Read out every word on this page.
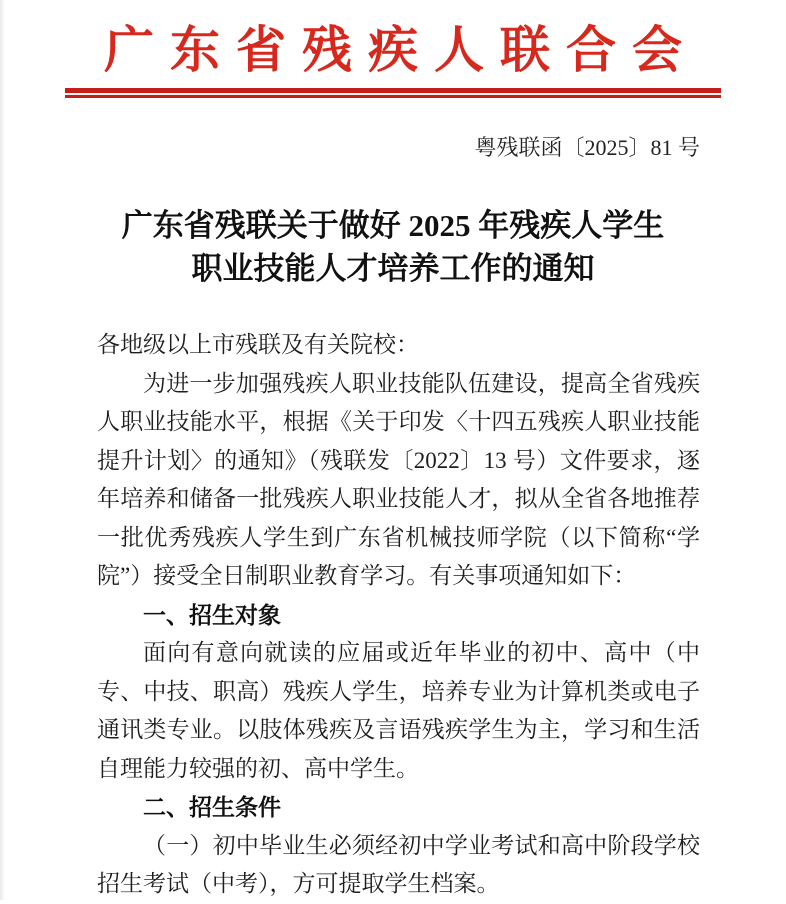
广东省残疾人联合会
粤残联函〔2025〕81 号
广东省残联关于做好 2025 年残疾人学生
职业技能人才培养工作的通知

各地级以上市残联及有关院校：

为进一步加强残疾人职业技能队伍建设，提高全省残疾人职业技能水平，根据《关于印发〈十四五残疾人职业技能提升计划〉的通知》（残联发〔2022〕13 号）文件要求，逐年培养和储备一批残疾人职业技能人才，拟从全省各地推荐一批优秀残疾人学生到广东省机械技师学院（以下简称“学院”）接受全日制职业教育学习。有关事项通知如下：

一、招生对象

面向有意向就读的应届或近年毕业的初中、高中（中专、中技、职高）残疾人学生，培养专业为计算机类或电子通讯类专业。以肢体残疾及言语残疾学生为主，学习和生活自理能力较强的初、高中学生。

二、招生条件

（一）初中毕业生必须经初中学业考试和高中阶段学校招生考试（中考），方可提取学生档案。
